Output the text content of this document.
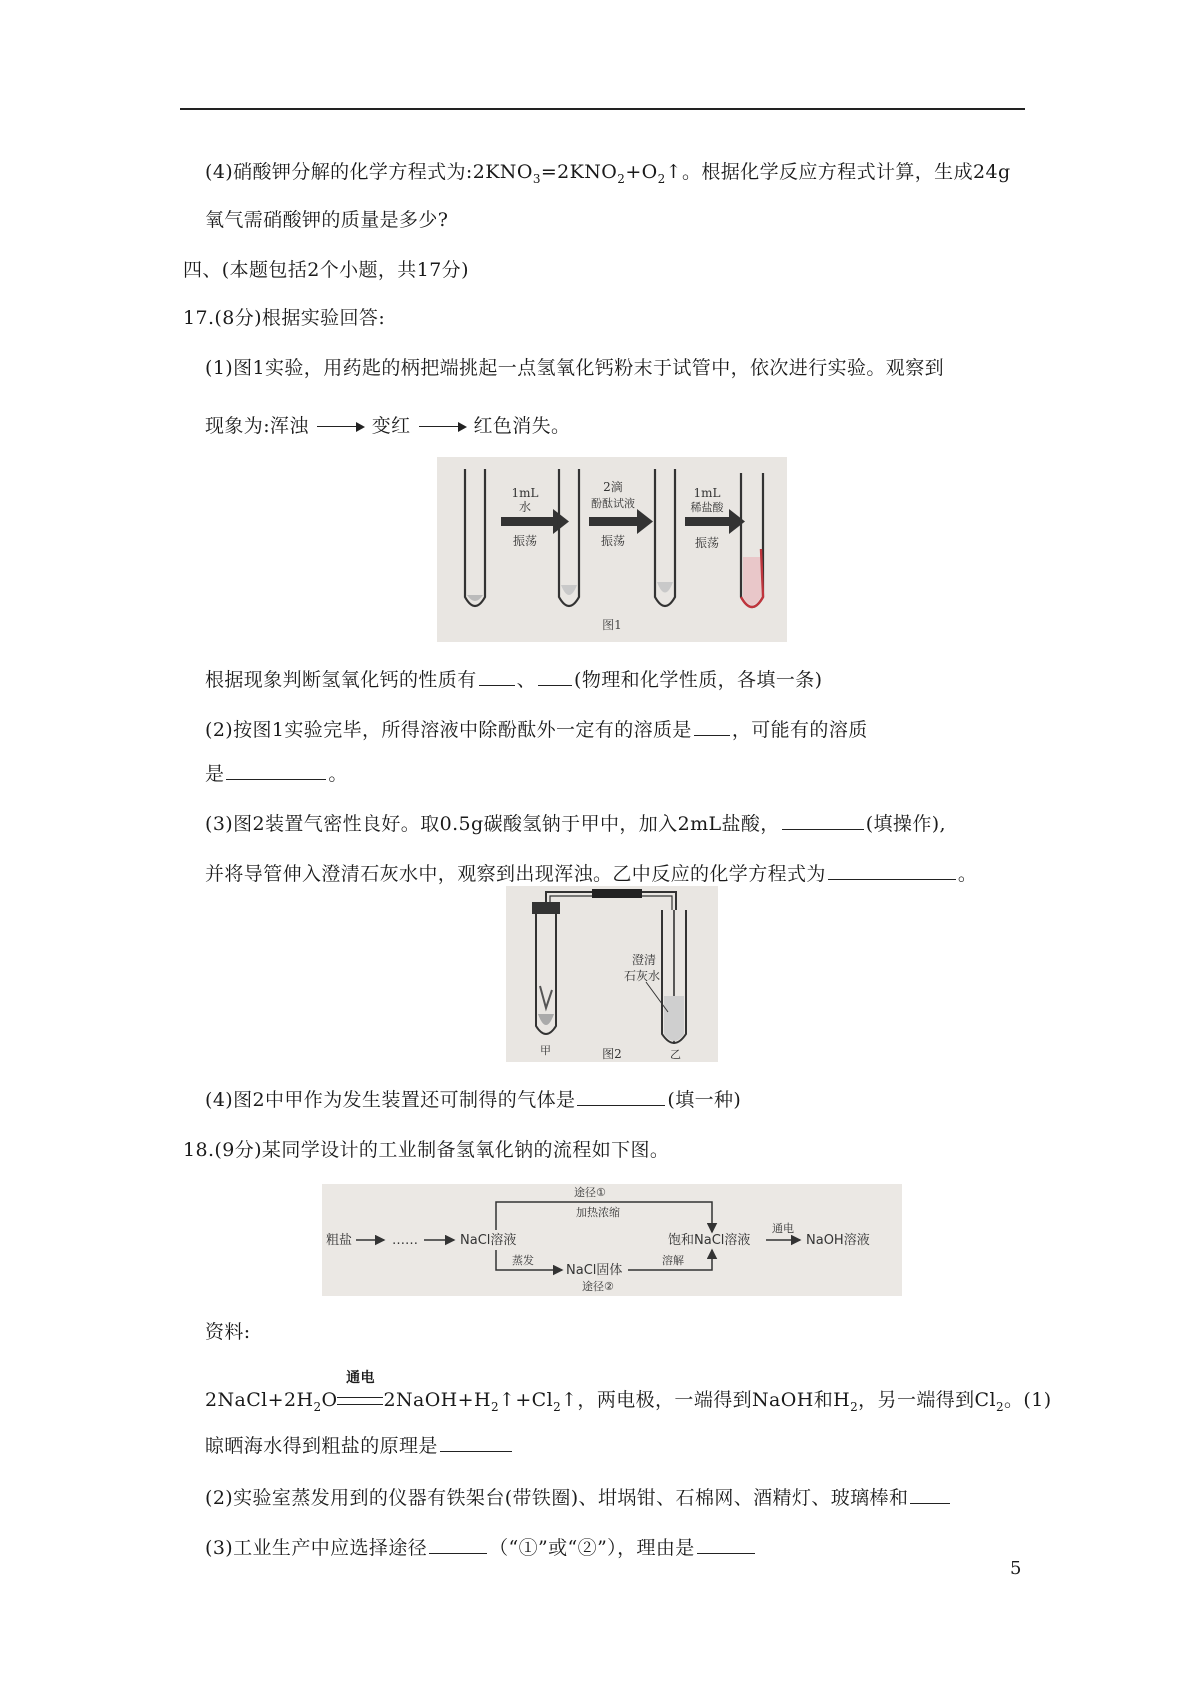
(4)硝酸钾分解的化学方程式为$:2KNO_3=2KNO_2+O_2↑$。根据化学反应方程式计算，生成24g
氧气需硝酸钾的质量是多少?
四、(本题包括2个小题，共17分)
17.(8分)根据实验回答:
(1)图1实验，用药匙的柄把端挑起一点氢氧化钙粉末于试管中，依次进行实验。观察到
现象为:浑浊	变红	红色消失。
1mL
水
振荡
2滴
酚酞试液
振荡
1mL
稀盐酸
振荡
图1
根据现象判断氢氧化钙的性质有 、 (物理和化学性质，各填一条)
(2)按图1实验完毕，所得溶液中除酚酞外一定有的溶质是 ，可能有的溶质
是	。
(3)图2装置气密性良好。取0.5g碳酸氢钠于甲中，加入2mL盐酸，	(填操作),
并将导管伸入澄清石灰水中，观察到出现浑浊。乙中反应的化学方程式为	。
澄清
石灰水
甲	乙
图2
(4)图2中甲作为发生装置还可制得的气体是	(填一种)
18.(9分)某同学设计的工业制备氢氧化钠的流程如下图。
粗盐	……	NaCl溶液
途径①
加热浓缩
蒸发
NaCl固体
溶解
途径②
饱和NaCl溶液
通电
NaOH溶液
资料:
$2NaCl+2H_2O$
通电
$2NaOH+H_2↑+Cl_2↑$，两电极，一端得到NaOH和$H_2$，另一端得到$Cl_2$。(1)
晾晒海水得到粗盐的原理是
(2)实验室蒸发用到的仪器有铁架台(带铁圈)、坩埚钳、石棉网、酒精灯、玻璃棒和
(3)工业生产中应选择途径	（“①”或“②”），理由是
5
